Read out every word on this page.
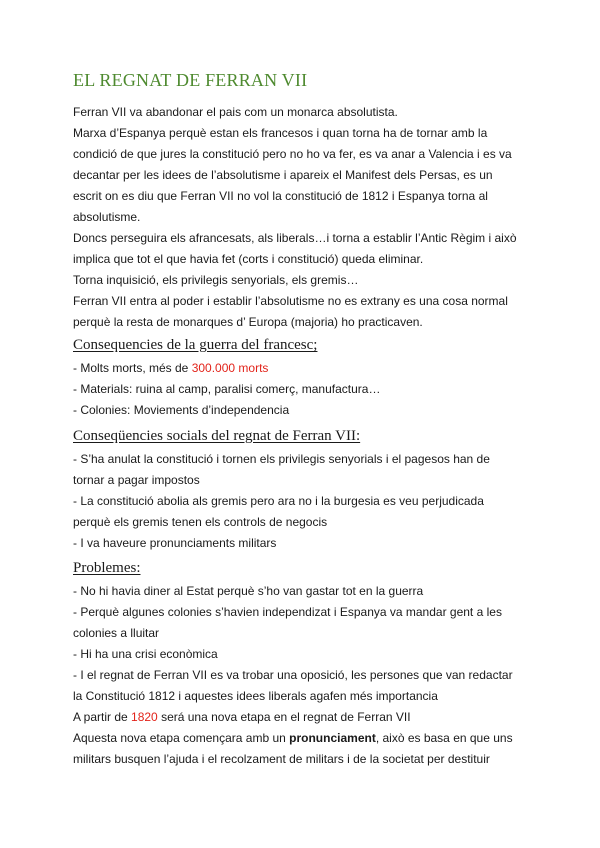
EL REGNAT DE FERRAN VII
Ferran VII va abandonar el pais com un monarca absolutista.
Marxa d’Espanya perquè estan els francesos i quan torna ha de tornar amb la
condició de que jures la constitució pero no ho va fer, es va anar a Valencia i es va
decantar per les idees de l’absolutisme i apareix el Manifest dels Persas, es un
escrit on es diu que Ferran VII no vol la constitució de 1812 i Espanya torna al
absolutisme.
Doncs perseguira els afrancesats, als liberals…i torna a establir l’Antic Règim i això
implica que tot el que havia fet (corts i constitució) queda eliminar.
Torna inquisició, els privilegis senyorials, els gremis…
Ferran VII entra al poder i establir l’absolutisme no es extrany es una cosa normal
perquè la resta de monarques d’ Europa (majoria) ho practicaven.
Consequencies de la guerra del francesc;
- Molts morts, més de 300.000 morts
- Materials: ruina al camp, paralisi comerç, manufactura…
- Colonies: Moviements d’independencia
Conseqüencies socials del regnat de Ferran VII:
- S’ha anulat la constitució i tornen els privilegis senyorials i el pagesos han de
tornar a pagar impostos
- La constitució abolia als gremis pero ara no i la burgesia es veu perjudicada
perquè els gremis tenen els controls de negocis
- I va haveure pronunciaments militars
Problemes:
- No hi havia diner al Estat perquè s’ho van gastar tot en la guerra
- Perquè algunes colonies s’havien independizat i Espanya va mandar gent a les
colonies a lluitar
- Hi ha una crisi econòmica
- I el regnat de Ferran VII es va trobar una oposició, les persones que van redactar
la Constitució 1812 i aquestes idees liberals agafen més importancia
A partir de 1820 será una nova etapa en el regnat de Ferran VII
Aquesta nova etapa començara amb un pronunciament, això es basa en que uns
militars busquen l’ajuda i el recolzament de militars i de la societat per destituir
